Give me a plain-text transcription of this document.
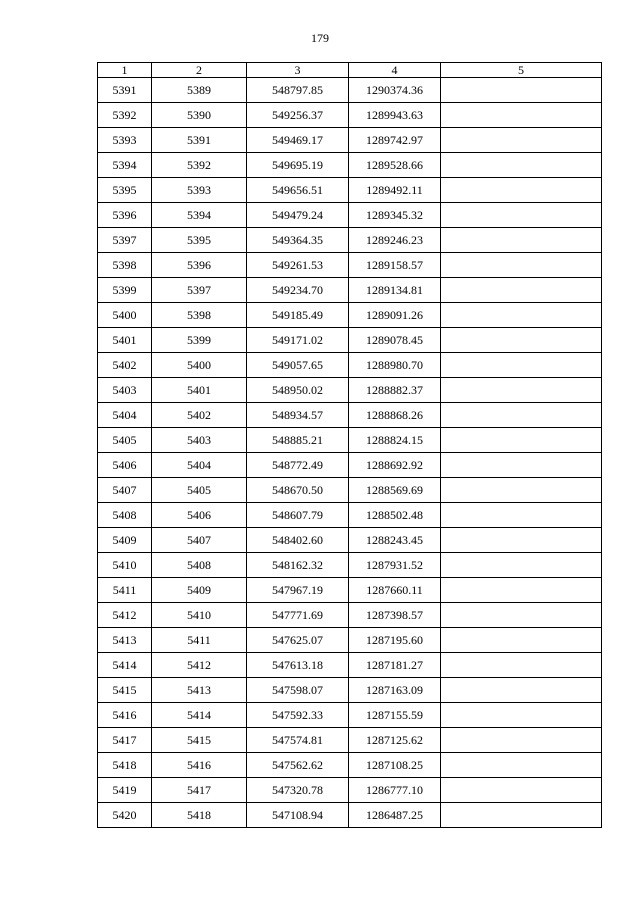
179
1	2	3	4	5
5391	5389	548797.85	1290374.36	
5392	5390	549256.37	1289943.63	
5393	5391	549469.17	1289742.97	
5394	5392	549695.19	1289528.66	
5395	5393	549656.51	1289492.11	
5396	5394	549479.24	1289345.32	
5397	5395	549364.35	1289246.23	
5398	5396	549261.53	1289158.57	
5399	5397	549234.70	1289134.81	
5400	5398	549185.49	1289091.26	
5401	5399	549171.02	1289078.45	
5402	5400	549057.65	1288980.70	
5403	5401	548950.02	1288882.37	
5404	5402	548934.57	1288868.26	
5405	5403	548885.21	1288824.15	
5406	5404	548772.49	1288692.92	
5407	5405	548670.50	1288569.69	
5408	5406	548607.79	1288502.48	
5409	5407	548402.60	1288243.45	
5410	5408	548162.32	1287931.52	
5411	5409	547967.19	1287660.11	
5412	5410	547771.69	1287398.57	
5413	5411	547625.07	1287195.60	
5414	5412	547613.18	1287181.27	
5415	5413	547598.07	1287163.09	
5416	5414	547592.33	1287155.59	
5417	5415	547574.81	1287125.62	
5418	5416	547562.62	1287108.25	
5419	5417	547320.78	1286777.10	
5420	5418	547108.94	1286487.25	
